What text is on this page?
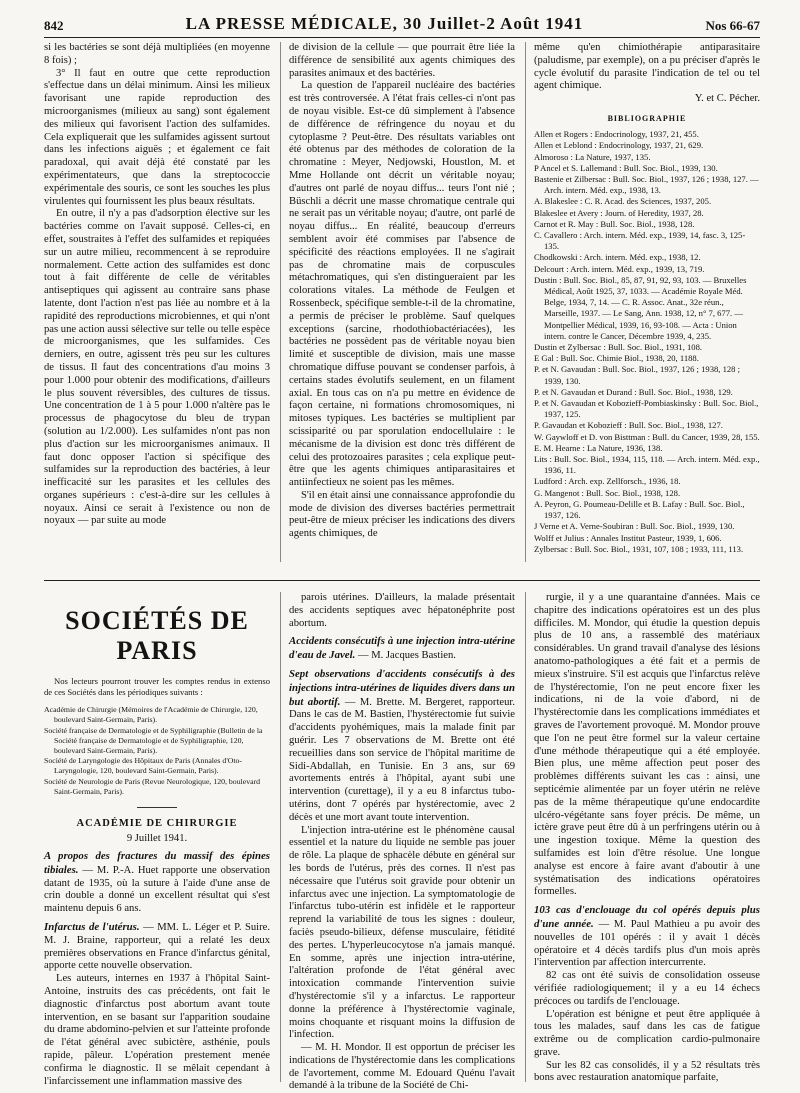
842	LA PRESSE MÉDICALE, 30 Juillet-2 Août 1941	Nos 66-67

si les bactéries se sont déjà multipliées (en moyenne 8 fois) ;

3° Il faut en outre que cette reproduction s'effectue dans un délai minimum. Ainsi les milieux favorisant une rapide reproduction des microorganismes (milieux au sang) sont également des milieux qui favorisent l'action des sulfamides. Cela expliquerait que les sulfamides agissent surtout dans les infections aiguës ; et également ce fait paradoxal, qui avait déjà été constaté par les expérimentateurs, que dans la streptococcie expérimentale des souris, ce sont les souches les plus virulentes qui fournissent les plus beaux résultats.

En outre, il n'y a pas d'adsorption élective sur les bactéries comme on l'avait supposé. Celles-ci, en effet, soustraites à l'effet des sulfamides et repiquées sur un autre milieu, recommencent à se reproduire normalement. Cette action des sulfamides est donc tout à fait différente de celle de véritables antiseptiques qui agissent au contraire sans phase latente, dont l'action n'est pas liée au nombre et à la rapidité des reproductions microbiennes, et qui n'ont pas une action aussi sélective sur telle ou telle espèce de microorganismes, que les sulfamides. Ces derniers, en outre, agissent très peu sur les cultures de tissus. Il faut des concentrations d'au moins 3 pour 1.000 pour obtenir des modifications, d'ailleurs le plus souvent réversibles, des cultures de tissus. Une concentration de 1 à 5 pour 1.000 n'altère pas le processus de phagocytose du bleu de trypan (solution au 1/2.000). Les sulfamides n'ont pas non plus d'action sur les microorganismes animaux. Il faut donc opposer l'action si spécifique des sulfamides sur la reproduction des bactéries, à leur inefficacité sur les parasites et les cellules des organes supérieurs : c'est-à-dire sur les cellules à noyaux. Ainsi ce serait à l'existence ou non de noyaux — par suite au mode

de division de la cellule — que pourrait être liée la différence de sensibilité aux agents chimiques des parasites animaux et des bactéries.

La question de l'appareil nucléaire des bactéries est très controversée. A l'état frais celles-ci n'ont pas de noyau visible. Est-ce dû simplement à l'absence de différence de réfringence du noyau et du cytoplasme ? Peut-être. Des résultats variables ont été obtenus par des méthodes de coloration de la chromatine : Meyer, Nedjowski, Houstlon, M. et Mme Hollande ont décrit un véritable noyau; d'autres ont parlé de noyau diffus... teurs l'ont nié ; Büschli a décrit une masse chromatique centrale qui ne serait pas un véritable noyau; d'autre, ont parlé de noyau diffus... En réalité, beaucoup d'erreurs semblent avoir été commises par l'absence de spécificité des réactions employées. Il ne s'agirait pas de chromatine mais de corpuscules métachromatiques, qui s'en distingueraient par les colorations vitales. La méthode de Feulgen et Rossenbeck, spécifique semble-t-il de la chromatine, a permis de préciser le problème. Sauf quelques exceptions (sarcine, rhodothiobactériacées), les bactéries ne possèdent pas de véritable noyau bien limité et susceptible de division, mais une masse chromatique diffuse pouvant se condenser parfois, à certains stades évolutifs seulement, en un filament axial. En tous cas on n'a pu mettre en évidence de façon certaine, ni formations chromosomiques, ni mitoses typiques. Les bactéries se multiplient par scissiparité ou par sporulation endocellulaire : le mécanisme de la division est donc très différent de celui des protozoaires parasites ; cela explique peut-être que les agents chimiques antiparasitaires et antiinfectieux ne soient pas les mêmes.

S'il en était ainsi une connaissance approfondie du mode de division des diverses bactéries permettrait peut-être de mieux préciser les indications des divers agents chimiques, de

même qu'en chimiothérapie antiparasitaire (paludisme, par exemple), on a pu préciser d'après le cycle évolutif du parasite l'indication de tel ou tel agent chimique.

Y. et C. Pécher.

BIBLIOGRAPHIE

Allen et Rogers : Endocrinology, 1937, 21, 455.

Allen et Leblond : Endocrinology, 1937, 21, 629.

Almoroso : La Nature, 1937, 135.

P Ancel et S. Lallemand : Bull. Soc. Biol., 1939, 130.

Bastenie et Zilbersac : Bull. Soc. Biol., 1937, 126 ; 1938, 127. — Arch. intern. Méd. exp., 1938, 13.

A. Blakeslee : C. R. Acad. des Sciences, 1937, 205.

Blakeslee et Avery : Journ. of Heredity, 1937, 28.

Carnot et R. May : Bull. Soc. Biol., 1938, 128.

C. Cavallero : Arch. intern. Méd. exp., 1939, 14, fasc. 3, 125-135.

Chodkowski : Arch. intern. Méd. exp., 1938, 12.

Delcourt : Arch. intern. Méd. exp., 1939, 13, 719.

Dustin : Bull. Soc. Biol., 85, 87, 91, 92, 93, 103. — Bruxelles Médical, Août 1925, 37, 1033. — Académie Royale Méd. Belge, 1934, 7, 14. — C. R. Assoc. Anat., 32e réun., Marseille, 1937. — Le Sang, Ann. 1938, 12, n° 7, 677. — Montpellier Médical, 1939, 16, 93-108. — Acta : Union intern. contre le Cancer, Décembre 1939, 4, 235.

Dustin et Zylbersac : Bull. Soc. Biol., 1931, 108.

E Gal : Bull. Soc. Chimie Biol., 1938, 20, 1188.

P. et N. Gavaudan : Bull. Soc. Biol., 1937, 126 ; 1938, 128 ; 1939, 130.

P. et N. Gavaudan et Durand : Bull. Soc. Biol., 1938, 129.

P. et N. Gavaudan et Kobozieff-Pombiaskinsky : Bull. Soc. Biol., 1937, 125.

P. Gavaudan et Kobozieff : Bull. Soc. Biol., 1938, 127.

W. Gaywloff et D. von Bisttman : Bull. du Cancer, 1939, 28, 155.

E. M. Hearne : La Nature, 1936, 138.

Lits : Bull. Soc. Biol., 1934, 115, 118. — Arch. intern. Méd. exp., 1936, 11.

Ludford : Arch. exp. Zellforsch., 1936, 18.

G. Mangenot : Bull. Soc. Biol., 1938, 128.

A. Peyron, G. Poumeau-Delille et B. Lafay : Bull. Soc. Biol., 1937, 126.

J Verne et A. Verne-Soubiran : Bull. Soc. Biol., 1939, 130.

Wolff et Julius : Annales Institut Pasteur, 1939, 1, 606.

Zylbersac : Bull. Soc. Biol., 1931, 107, 108 ; 1933, 111, 113.

SOCIÉTÉS DE PARIS

Nos lecteurs pourront trouver les comptes rendus in extenso de ces Sociétés dans les périodiques suivants :

Académie de Chirurgie (Mémoires de l'Académie de Chirurgie, 120, boulevard Saint-Germain, Paris).

Société française de Dermatologie et de Syphiligraphie (Bulletin de la Société française de Dermatologie et de Syphiligraphie, 120, boulevard Saint-Germain, Paris).

Société de Laryngologie des Hôpitaux de Paris (Annales d'Oto-Laryngologie, 120, boulevard Saint-Germain, Paris).

Société de Neurologie de Paris (Revue Neurologique, 120, boulevard Saint-Germain, Paris).

ACADÉMIE DE CHIRURGIE
9 Juillet 1941.

A propos des fractures du massif des épines tibiales. — M. P.-A. Huet rapporte une observation datant de 1935, où la suture à l'aide d'une anse de crin double a donné un excellent résultat qui s'est maintenu depuis 6 ans.

Infarctus de l'utérus. — MM. L. Léger et P. Suire. M. J. Braine, rapporteur, qui a relaté les deux premières observations en France d'infarctus génital, apporte cette nouvelle observation.

Les auteurs, internes en 1937 à l'hôpital Saint-Antoine, instruits des cas précédents, ont fait le diagnostic d'infarctus post abortum avant toute intervention, en se basant sur l'apparition soudaine du drame abdomino-pelvien et sur l'atteinte profonde de l'état général avec subictère, asthénie, pouls rapide, pâleur. L'opération prestement menée confirma le diagnostic. Il se mêlait cependant à l'infarcissement une inflammation massive des

parois utérines. D'ailleurs, la malade présentait des accidents septiques avec hépatonéphrite post abortum.

Accidents consécutifs à une injection intra-utérine d'eau de Javel. — M. Jacques Bastien.

Sept observations d'accidents consécutifs à des injections intra-utérines de liquides divers dans un but abortif. — M. Brette. M. Bergeret, rapporteur. Dans le cas de M. Bastien, l'hystérectomie fut suivie d'accidents pyohémiques, mais la malade finit par guérir. Les 7 observations de M. Brette ont été recueillies dans son service de l'hôpital maritime de Sidi-Abdallah, en Tunisie. En 3 ans, sur 69 avortements entrés à l'hôpital, ayant subi une intervention (curettage), il y a eu 8 infarctus tubo-utérins, dont 7 opérés par hystérectomie, avec 2 décès et une mort avant toute intervention.

L'injection intra-utérine est le phénomène causal essentiel et la nature du liquide ne semble pas jouer de rôle. La plaque de sphacèle débute en général sur les bords de l'utérus, près des cornes. Il n'est pas nécessaire que l'utérus soit gravide pour obtenir un infarctus avec une injection. La symptomatologie de l'infarctus tubo-utérin est infidèle et le rapporteur reprend la variabilité de tous les signes : douleur, faciès pseudo-bilieux, défense musculaire, fétidité des pertes. L'hyperleucocytose n'a jamais manqué. En somme, après une injection intra-utérine, l'altération profonde de l'état général avec intoxication commande l'intervention suivie d'hystérectomie s'il y a infarctus. Le rapporteur donne la préférence à l'hystérectomie vaginale, moins choquante et risquant moins la diffusion de l'infection.

— M. H. Mondor. Il est opportun de préciser les indications de l'hystérectomie dans les complications de l'avortement, comme M. Edouard Quénu l'avait demandé à la tribune de la Société de Chi-

rurgie, il y a une quarantaine d'années. Mais ce chapitre des indications opératoires est un des plus difficiles. M. Mondor, qui étudie la question depuis plus de 10 ans, a rassemblé des matériaux considérables. Un grand travail d'analyse des lésions anatomo-pathologiques a été fait et a permis de mieux s'instruire. S'il est acquis que l'infarctus relève de l'hystérectomie, l'on ne peut encore fixer les indications, ni de la voie d'abord, ni de l'hystérectomie dans les complications immédiates et graves de l'avortement provoqué. M. Mondor prouve que l'on ne peut être formel sur la valeur certaine d'une méthode thérapeutique qui a été employée. Bien plus, une même affection peut poser des problèmes différents suivant les cas : ainsi, une septicémie alimentée par un foyer utérin ne relève pas de la même thérapeutique qu'une endocardite ulcéro-végétante sans foyer précis. De même, un ictère grave peut être dû à un perfringens utérin ou à une ingestion toxique. Même la question des sulfamides est loin d'être résolue. Une longue analyse est encore à faire avant d'aboutir à une systématisation des indications opératoires formelles.

103 cas d'enclouage du col opérés depuis plus d'une année. — M. Paul Mathieu a pu avoir des nouvelles de 101 opérés : il y avait 1 décès opératoire et 4 décès tardifs plus d'un mois après l'intervention par affection intercurrente.

82 cas ont été suivis de consolidation osseuse vérifiée radiologiquement; il y a eu 14 échecs précoces ou tardifs de l'enclouage.

L'opération est bénigne et peut être appliquée à tous les malades, sauf dans les cas de fatigue extrême ou de complication cardio-pulmonaire grave.

Sur les 82 cas consolidés, il y a 52 résultats très bons avec restauration anatomique parfaite,
